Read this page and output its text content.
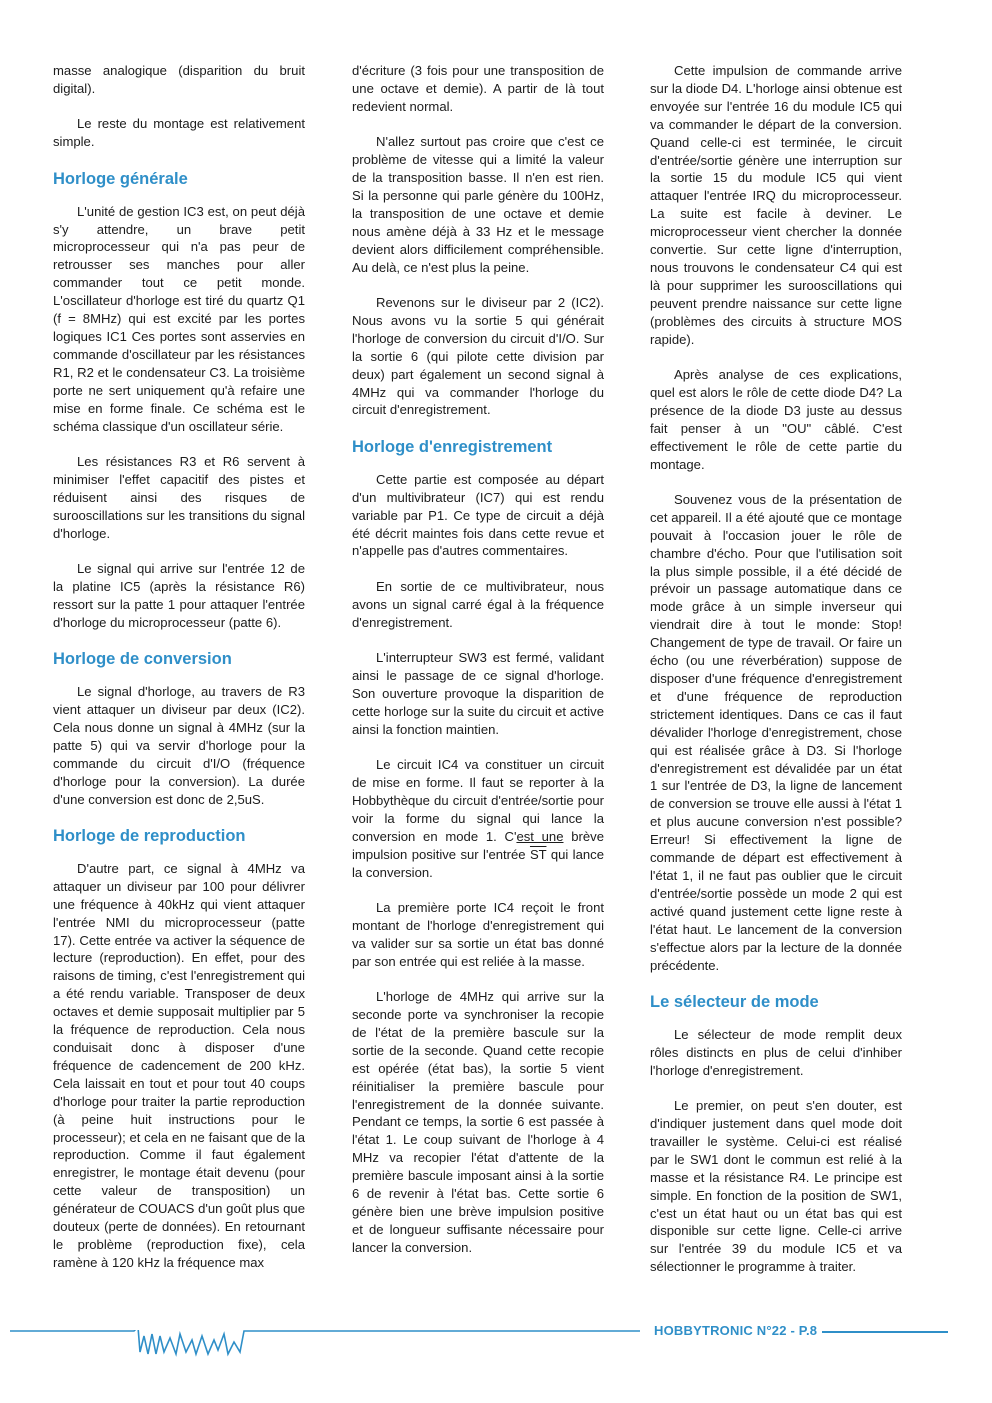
masse analogique (disparition du bruit digital).

Le reste du montage est relativement simple.

Horloge générale

L'unité de gestion IC3 est, on peut déjà s'y attendre, un brave petit microprocesseur qui n'a pas peur de retrousser ses manches pour aller commander tout ce petit monde. L'oscillateur d'horloge est tiré du quartz Q1 (f = 8MHz) qui est excité par les portes logiques IC1 Ces portes sont asservies en commande d'oscillateur par les résistances R1, R2 et le condensateur C3. La troisième porte ne sert uniquement qu'à refaire une mise en forme finale. Ce schéma est le schéma classique d'un oscillateur série.

Les résistances R3 et R6 servent à minimiser l'effet capacitif des pistes et réduisent ainsi des risques de surooscillations sur les transitions du signal d'horloge.

Le signal qui arrive sur l'entrée 12 de la platine IC5 (après la résistance R6) ressort sur la patte 1 pour attaquer l'entrée d'horloge du microprocesseur (patte 6).

Horloge de conversion

Le signal d'horloge, au travers de R3 vient attaquer un diviseur par deux (IC2). Cela nous donne un signal à 4MHz (sur la patte 5) qui va servir d'horloge pour la commande du circuit d'I/O (fréquence d'horloge pour la conversion). La durée d'une conversion est donc de 2,5uS.

Horloge de reproduction

D'autre part, ce signal à 4MHz va attaquer un diviseur par 100 pour délivrer une fréquence à 40kHz qui vient attaquer l'entrée NMI du microprocesseur (patte 17). Cette entrée va activer la séquence de lecture (reproduction). En effet, pour des raisons de timing, c'est l'enregistrement qui a été rendu variable. Transposer de deux octaves et demie supposait multiplier par 5 la fréquence de reproduction. Cela nous conduisait donc à disposer d'une fréquence de cadencement de 200 kHz. Cela laissait en tout et pour tout 40 coups d'horloge pour traiter la partie reproduction (à peine huit instructions pour le processeur); et cela en ne faisant que de la reproduction. Comme il faut également enregistrer, le montage était devenu (pour cette valeur de transposition) un générateur de COUACS d'un goût plus que douteux (perte de données). En retournant le problème (reproduction fixe), cela ramène à 120 kHz la fréquence max

d'écriture (3 fois pour une transposition de une octave et demie). A partir de là tout redevient normal.

N'allez surtout pas croire que c'est ce problème de vitesse qui a limité la valeur de la transposition basse. Il n'en est rien. Si la personne qui parle génère du 100Hz, la transposition de une octave et demie nous amène déjà à 33 Hz et le message devient alors difficilement compréhensible. Au delà, ce n'est plus la peine.

Revenons sur le diviseur par 2 (IC2). Nous avons vu la sortie 5 qui générait l'horloge de conversion du circuit d'I/O. Sur la sortie 6 (qui pilote cette division par deux) part également un second signal à 4MHz qui va commander l'horloge du circuit d'enregistrement.

Horloge d'enregistrement

Cette partie est composée au départ d'un multivibrateur (IC7) qui est rendu variable par P1. Ce type de circuit a déjà été décrit maintes fois dans cette revue et n'appelle pas d'autres commentaires.

En sortie de ce multivibrateur, nous avons un signal carré égal à la fréquence d'enregistrement.

L'interrupteur SW3 est fermé, validant ainsi le passage de ce signal d'horloge. Son ouverture provoque la disparition de cette horloge sur la suite du circuit et active ainsi la fonction maintien.

Le circuit IC4 va constituer un circuit de mise en forme. Il faut se reporter à la Hobbythèque du circuit d'entrée/sortie pour voir la forme du signal qui lance la conversion en mode 1. C'est une brève impulsion positive sur l'entrée $\overline{ST}$ qui lance la conversion.

La première porte IC4 reçoit le front montant de l'horloge d'enregistrement qui va valider sur sa sortie un état bas donné par son entrée qui est reliée à la masse.

L'horloge de 4MHz qui arrive sur la seconde porte va synchroniser la recopie de l'état de la première bascule sur la sortie de la seconde. Quand cette recopie est opérée (état bas), la sortie 5 vient réinitialiser la première bascule pour l'enregistrement de la donnée suivante. Pendant ce temps, la sortie 6 est passée à l'état 1. Le coup suivant de l'horloge à 4 MHz va recopier l'état d'attente de la première bascule imposant ainsi à la sortie 6 de revenir à l'état bas. Cette sortie 6 génère bien une brève impulsion positive et de longueur suffisante nécessaire pour lancer la conversion.

Cette impulsion de commande arrive sur la diode D4. L'horloge ainsi obtenue est envoyée sur l'entrée 16 du module IC5 qui va commander le départ de la conversion. Quand celle-ci est terminée, le circuit d'entrée/sortie génère une interruption sur la sortie 15 du module IC5 qui vient attaquer l'entrée IRQ du microprocesseur. La suite est facile à deviner. Le microprocesseur vient chercher la donnée convertie. Sur cette ligne d'interruption, nous trouvons le condensateur C4 qui est là pour supprimer les surooscillations qui peuvent prendre naissance sur cette ligne (problèmes des circuits à structure MOS rapide).

Après analyse de ces explications, quel est alors le rôle de cette diode D4? La présence de la diode D3 juste au dessus fait penser à un "OU" câblé. C'est effectivement le rôle de cette partie du montage.

Souvenez vous de la présentation de cet appareil. Il a été ajouté que ce montage pouvait à l'occasion jouer le rôle de chambre d'écho. Pour que l'utilisation soit la plus simple possible, il a été décidé de prévoir un passage automatique dans ce mode grâce à un simple inverseur qui viendrait dire à tout le monde: Stop! Changement de type de travail. Or faire un écho (ou une réverbération) suppose de disposer d'une fréquence d'enregistrement et d'une fréquence de reproduction strictement identiques. Dans ce cas il faut dévalider l'horloge d'enregistrement, chose qui est réalisée grâce à D3. Si l'horloge d'enregistrement est dévalidée par un état 1 sur l'entrée de D3, la ligne de lancement de conversion se trouve elle aussi à l'état 1 et plus aucune conversion n'est possible? Erreur! Si effectivement la ligne de commande de départ est effectivement à l'état 1, il ne faut pas oublier que le circuit d'entrée/sortie possède un mode 2 qui est activé quand justement cette ligne reste à l'état haut. Le lancement de la conversion s'effectue alors par la lecture de la donnée précédente.

Le sélecteur de mode

Le sélecteur de mode remplit deux rôles distincts en plus de celui d'inhiber l'horloge d'enregistrement.

Le premier, on peut s'en douter, est d'indiquer justement dans quel mode doit travailler le système. Celui-ci est réalisé par le SW1 dont le commun est relié à la masse et la résistance R4. Le principe est simple. En fonction de la position de SW1, c'est un état haut ou un état bas qui est disponible sur cette ligne. Celle-ci arrive sur l'entrée 39 du module IC5 et va sélectionner le programme à traiter.

HOBBYTRONIC N°22 - P.8
